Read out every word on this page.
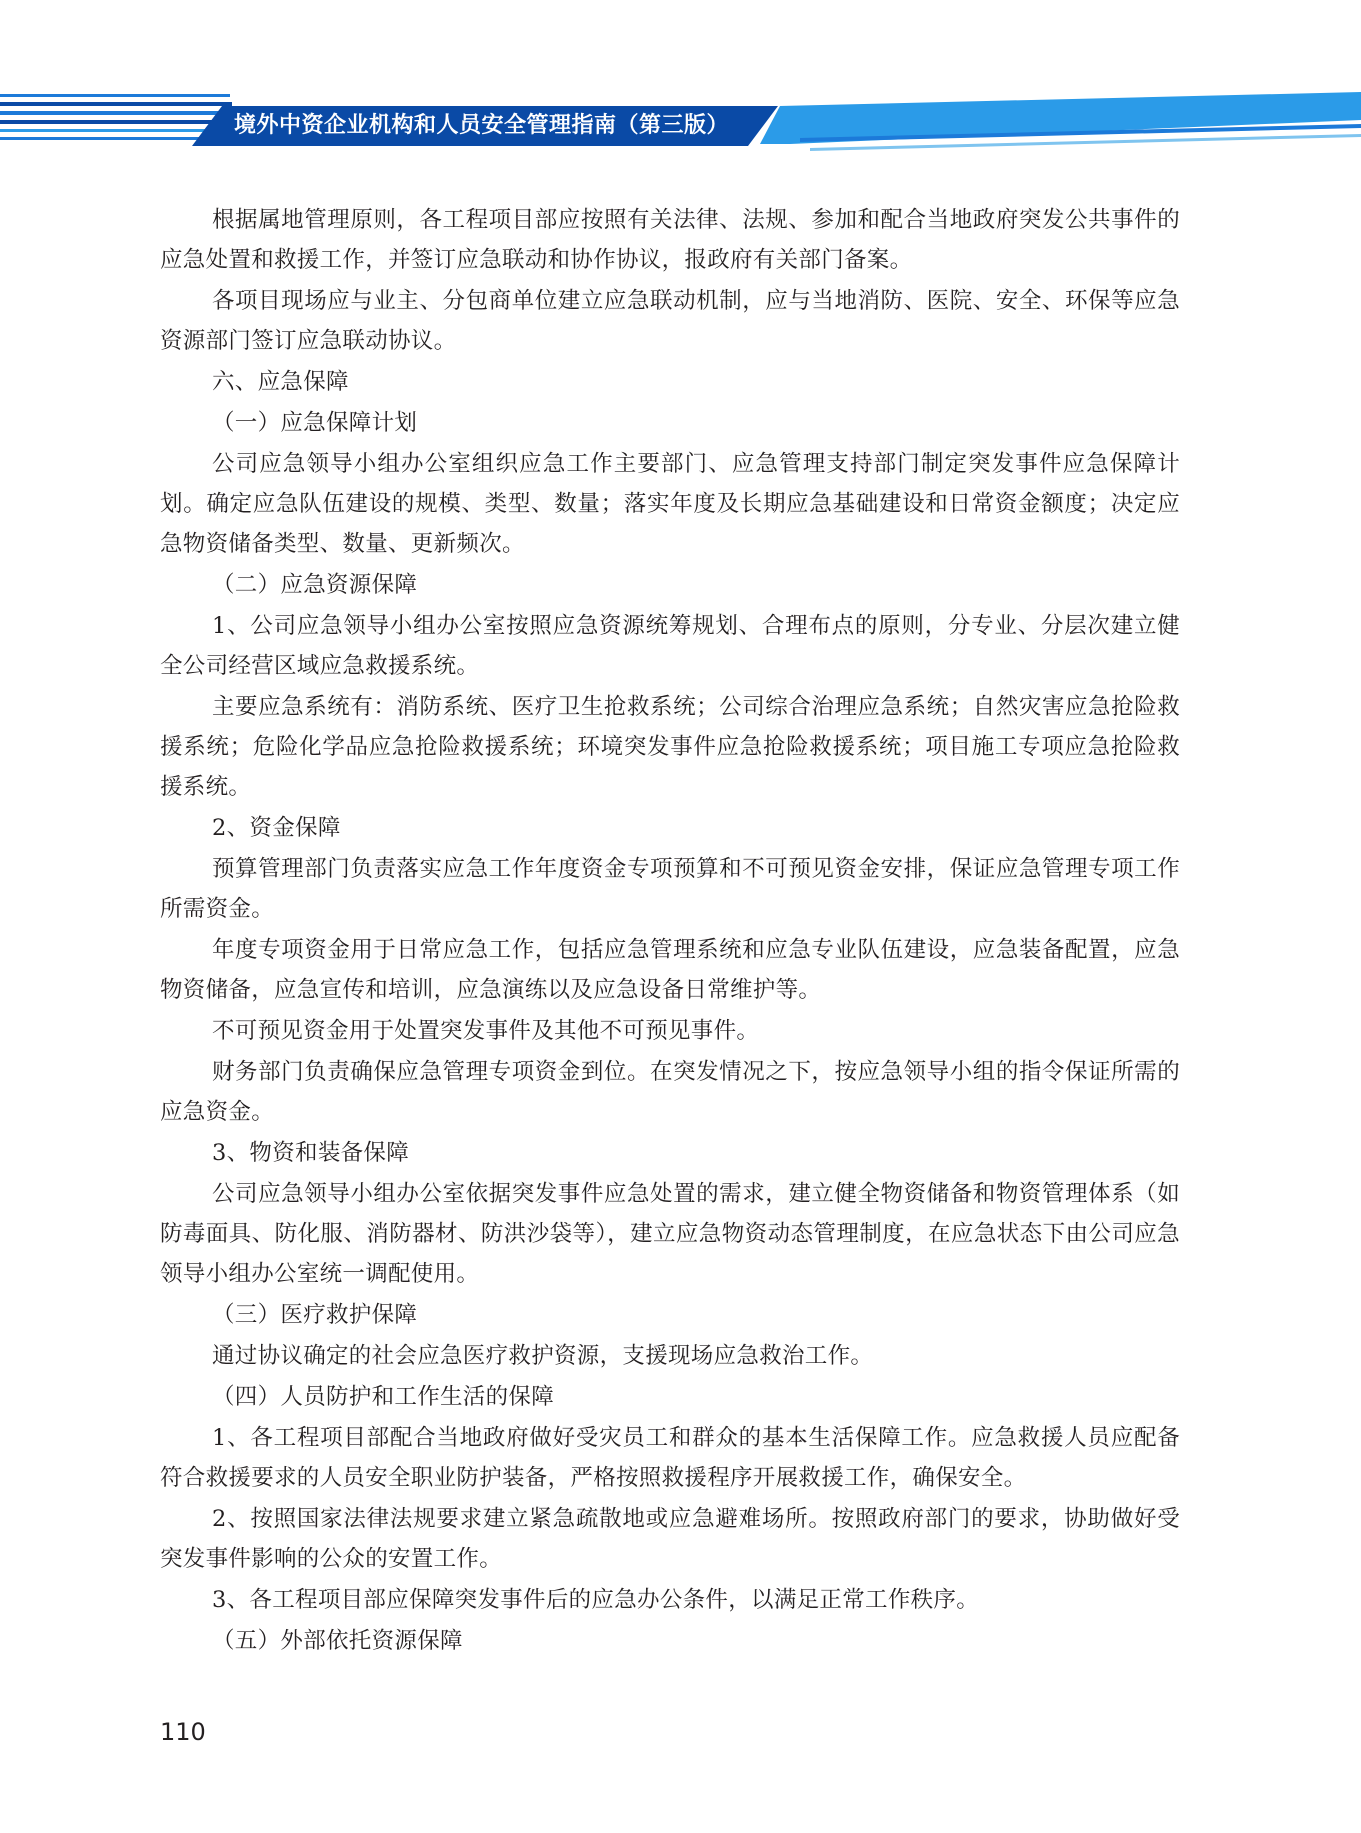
境外中资企业机构和人员安全管理指南（第三版）

根据属地管理原则，各工程项目部应按照有关法律、法规、参加和配合当地政府突发公共事件的应急处置和救援工作，并签订应急联动和协作协议，报政府有关部门备案。

各项目现场应与业主、分包商单位建立应急联动机制，应与当地消防、医院、安全、环保等应急资源部门签订应急联动协议。

六、应急保障

（一）应急保障计划

公司应急领导小组办公室组织应急工作主要部门、应急管理支持部门制定突发事件应急保障计划。确定应急队伍建设的规模、类型、数量；落实年度及长期应急基础建设和日常资金额度；决定应急物资储备类型、数量、更新频次。

（二）应急资源保障

1、公司应急领导小组办公室按照应急资源统筹规划、合理布点的原则，分专业、分层次建立健全公司经营区域应急救援系统。

主要应急系统有：消防系统、医疗卫生抢救系统；公司综合治理应急系统；自然灾害应急抢险救援系统；危险化学品应急抢险救援系统；环境突发事件应急抢险救援系统；项目施工专项应急抢险救援系统。

2、资金保障

预算管理部门负责落实应急工作年度资金专项预算和不可预见资金安排，保证应急管理专项工作所需资金。

年度专项资金用于日常应急工作，包括应急管理系统和应急专业队伍建设，应急装备配置，应急物资储备，应急宣传和培训，应急演练以及应急设备日常维护等。

不可预见资金用于处置突发事件及其他不可预见事件。

财务部门负责确保应急管理专项资金到位。在突发情况之下，按应急领导小组的指令保证所需的应急资金。

3、物资和装备保障

公司应急领导小组办公室依据突发事件应急处置的需求，建立健全物资储备和物资管理体系（如防毒面具、防化服、消防器材、防洪沙袋等），建立应急物资动态管理制度，在应急状态下由公司应急领导小组办公室统一调配使用。

（三）医疗救护保障

通过协议确定的社会应急医疗救护资源，支援现场应急救治工作。

（四）人员防护和工作生活的保障

1、各工程项目部配合当地政府做好受灾员工和群众的基本生活保障工作。应急救援人员应配备符合救援要求的人员安全职业防护装备，严格按照救援程序开展救援工作，确保安全。

2、按照国家法律法规要求建立紧急疏散地或应急避难场所。按照政府部门的要求，协助做好受突发事件影响的公众的安置工作。

3、各工程项目部应保障突发事件后的应急办公条件，以满足正常工作秩序。

（五）外部依托资源保障

110
